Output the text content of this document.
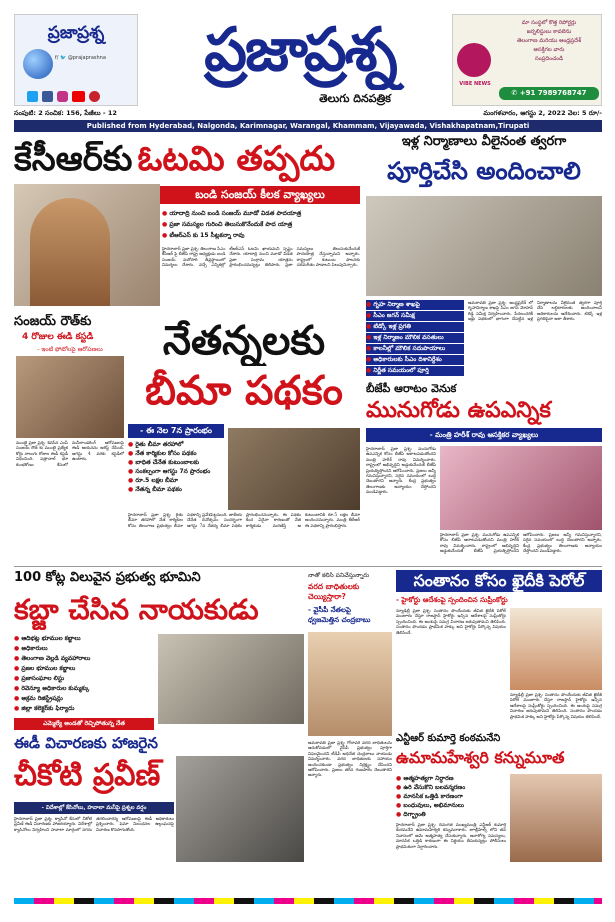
ప్రజాప్రశ్న
f/ 🐦 @prajaprashna	ప్రజాప్రశ్న
తెలుగు దినపత్రిక
VIBE NEWS
మా సంస్థలో కొత్త రిపోర్టర్లు
జర్నలిస్టులు కావలెను
తెలంగాణ మరియు ఆంధ్రప్రదేశ్
ఆసక్తిగల వారు
సంప్రదించండి
✆ +91 7989768747
సంపుటి: 2 సంచిక: 156, పేజీలు - 12	మంగళవారం, ఆగస్టు 2, 2022 వెల: 5 రూ/-
Published from Hyderabad, Nalgonda, Karimnagar, Warangal, Khammam, Vijayawada, Vishakhapatnam,Tirupati
కేసీఆర్‌కు ఓటమి తప్పదు
బండి సంజయ్ కీలక వ్యాఖ్యలు
● యాదాద్రి నుంచి బండి సంజయ్ మూడో విడత పాదయాత్ర
● ప్రజా సమస్యల గురించి తెలుసుకొనేందుకే పాద యాత్ర
● టీఆర్ఎస్ కు 15 సీట్లకన్నా రావు
హైదరాబాద్ ప్రజా ప్రశ్న: తెలంగాణ సీఎం కేసీఆర్ పై బీజేపీ రాష్ట్ర అధ్యక్షుడు బండి సంజయ్ మరోసారి తీవ్రస్థాయిలో విమర్శలు చేశారు. వచ్చే ఎన్నికల్లో టీఆర్ఎస్ ఓటమి ఖాయమని స్పష్టం చేశారు. యాదాద్రి నుంచి మూడో విడత ప్రజా సంగ్రామ యాత్రను ప్రారంభించనున్నట్లు తెలిపారు. ప్రజా సమస్యలు తెలుసుకునేందుకే పాదయాత్ర చేస్తున్నామని అన్నారు. రాష్ట్రంలో కుటుంబ పాలనకు చరమగీతం పాడాలని పిలుపునిచ్చారు.
సంజయ్ రౌత్‌కు
4 రోజుల ఈడీ కస్టడీ
- ఇంటి ఫోటోలపై ఆరోపణలు
ముంబై ప్రజా ప్రశ్న: శివసేన ఎంపీ సంజయ్ రౌత్ కు ముంబై ప్రత్యేక కోర్టు నాలుగు రోజుల ఈడీ కస్టడీ విధించింది. పత్రాచాల్ భూ కుంభకోణం కేసులో మనీలాండరింగ్ ఆరోపణలపై ఈడీ ఆయనను అరెస్ట్ చేసింది. ఆగస్టు 4 వరకు కస్టడీలో ఉంటారు.
నేతన్నలకు
బీమా పథకం
- ఈ నెల 7న ప్రారంభం
● రైతు బీమా తరహాలో
● నేత కార్మికుల కోసం పథకం
● బాధిత చేనేత కుటుంబాలకు
● సంకల్పంగా ఆగస్టు 7న ప్రారంభం
● రూ.5 లక్షల బీమా
● నేతన్న బీమా పథకం
హైదరాబాద్ ప్రజా ప్రశ్న: రైతు బీమా తరహాలో నేత కార్మికుల కోసం తెలంగాణ ప్రభుత్వం బీమా పథకాన్ని ప్రవేశపెట్టనుంది. జాతీయ చేనేత దినోత్సవం సందర్భంగా ఆగస్టు 7న నేతన్న బీమా పథకం ప్రారంభించనున్నారు. ఈ పథకం కింద ఏదైనా కారణంతో నేత కార్మికుడు మరణిస్తే ఆ కుటుంబానికి రూ.5 లక్షల బీమా అందించనున్నారు. మంత్రి కేటీఆర్ ఈ పథకాన్ని ప్రారంభిస్తారు.
ఇళ్ల నిర్మాణాలు వీలైనంత త్వరగా
పూర్తిచేసి అందించాలి
● గృహ నిర్మాణ శాఖపై
● సీఎం జగన్ సమీక్ష
● టిడ్కో ఇళ్ల ప్రగతి
● ఇళ్ల నిర్మాణం మౌలిక వసతులు
● కాలనీల్లో మౌలిక సదుపాయాలు
● అధికారులకు సీఎం దిశానిర్దేశం
● నిర్ణీత సమయంలో పూర్తి
అమరావతి ప్రజా ప్రశ్న: ఆంధ్రప్రదేశ్ లో గృహనిర్మాణ శాఖపై సీఎం జగన్ మోహన్ రెడ్డి సమీక్ష నిర్వహించారు. పేదలందరికీ ఇళ్లు పథకంలో భాగంగా చేపట్టిన ఇళ్ల నిర్మాణాలను వీలైనంత త్వరగా పూర్తి చేసి లబ్ధిదారులకు అందించాలని అధికారులను ఆదేశించారు. టిడ్కో ఇళ్ల ప్రగతిపైనా ఆరా తీశారు.
బీజేపీ ఆరాటం వెనుక
మునుగోడు ఉపఎన్నిక
- మంత్రి హరీశ్ రావు ఆసక్తికర వ్యాఖ్యలు
హైదరాబాద్ ప్రజా ప్రశ్న: మునుగోడు ఉపఎన్నిక కోసం బీజేపీ ఆరాటపడుతోందని మంత్రి హరీశ్ రావు విమర్శించారు. రాష్ట్రంలో అభివృద్ధిని అడ్డుకునేందుకే బీజేపీ ప్రయత్నిస్తోందని ఆరోపించారు. ప్రజలు అన్నీ గమనిస్తున్నారని, సరైన సమయంలో బుద్ధి చెబుతారని అన్నారు. కేంద్ర ప్రభుత్వం తెలంగాణకు అన్యాయం చేస్తోందని మండిపడ్డారు.
హైదరాబాద్ ప్రజా ప్రశ్న: మునుగోడు ఉపఎన్నిక కోసం బీజేపీ ఆరాటపడుతోందని మంత్రి హరీశ్ రావు విమర్శించారు. రాష్ట్రంలో అభివృద్ధిని అడ్డుకునేందుకే బీజేపీ ప్రయత్నిస్తోందని ఆరోపించారు. ప్రజలు అన్నీ గమనిస్తున్నారని, సరైన సమయంలో బుద్ధి చెబుతారని అన్నారు. కేంద్ర ప్రభుత్వం తెలంగాణకు అన్యాయం చేస్తోందని మండిపడ్డారు.
100 కోట్ల విలువైన ప్రభుత్వ భూమిని
కబ్జా చేసిన నాయకుడు
● ఆదిభట్ల భూముల కబ్జాలు
● అధికారులు
● తెలంగాణ వెల్లడి వ్యవహారాలు
● ప్రజల భూముల కబ్జాలు
● ప్రజాసంఘాల లిస్టు
● రెవెన్యూ అధికారుల కుమ్మక్కు
● అక్రమ రిజిస్ట్రేషన్లు
● జిల్లా కలెక్టర్‌కు ఫిర్యాదు
ఎమ్మెల్యే అండతో రెచ్చిపోతున్న నేత
ఈడీ విచారణకు హాజరైన
చీకోటి ప్రవీణ్
- విదేశాల్లో కేసినోలు, హవాలా మనీపై ప్రశ్నల వర్షం
హైదరాబాద్ ప్రజా ప్రశ్న: క్యాసినో కేసులో చీకోటి ప్రవీణ్ ఈడీ విచారణకు హాజరయ్యారు. విదేశాల్లో క్యాసినోలు నిర్వహించి హవాలా మార్గంలో నగదు తరలించారన్న ఆరోపణలపై ఈడీ అధికారులు ప్రశ్నించారు. ఫెమా నిబంధనల ఉల్లంఘనపై విచారణ కొనసాగుతోంది.
నాతో కలిసి పనిచేస్తున్నారు
వరద బాధితులకు చెయ్యిస్తారా?
- వైసీపీ నేతలపై
ధ్వజమెత్తిన చంద్రబాబు
అమరావతి ప్రజా ప్రశ్న: గోదావరి వరద బాధితులను ఆదుకోవడంలో వైసీపీ ప్రభుత్వం పూర్తిగా విఫలమైందని టీడీపీ అధినేత చంద్రబాబు నాయుడు విమర్శించారు. వరద బాధితులకు సహాయం అందించకుండా ప్రభుత్వం నిర్లక్ష్యం చేసిందని ఆరోపించారు. ప్రజలు తగిన గుణపాఠం చెబుతారని అన్నారు.
సంతానం కోసం ఖైదీకి పెరోల్
- హైకోర్టు ఆదేశంపై స్పందించిన సుప్రీంకోర్టు
న్యూఢిల్లీ ప్రజా ప్రశ్న: సంతానం పొందేందుకు జీవిత ఖైదీకి పెరోల్ మంజూరు చేస్తూ రాజస్థాన్ హైకోర్టు ఇచ్చిన ఆదేశాలపై సుప్రీంకోర్టు స్పందించింది. ఈ అంశంపై సమగ్ర విచారణ జరుపుతామని తెలిపింది. సంతానం పొందడం ప్రాథమిక హక్కు అని హైకోర్టు పేర్కొన్న విషయం తెలిసిందే.
న్యూఢిల్లీ ప్రజా ప్రశ్న: సంతానం పొందేందుకు జీవిత ఖైదీకి పెరోల్ మంజూరు చేస్తూ రాజస్థాన్ హైకోర్టు ఇచ్చిన ఆదేశాలపై సుప్రీంకోర్టు స్పందించింది. ఈ అంశంపై సమగ్ర విచారణ జరుపుతామని తెలిపింది. సంతానం పొందడం ప్రాథమిక హక్కు అని హైకోర్టు పేర్కొన్న విషయం తెలిసిందే.
ఎన్టీఆర్ కుమార్తె కంఠమనేని
ఉమామహేశ్వరి కన్నుమూత
● ఆత్మహత్యగా నిర్ధారణ
● ఉరి వేసుకొని బలవన్మరణం
● మానసిక ఒత్తిడి కారణంగా
● బంధువులు, అభిమానులు
● దిగ్భ్రాంతి
హైదరాబాద్ ప్రజా ప్రశ్న: దివంగత ముఖ్యమంత్రి ఎన్టీఆర్ కుమార్తె కంఠమనేని ఉమామహేశ్వరి కన్నుమూశారు. జూబ్లీహిల్స్ లోని తన నివాసంలో ఆమె ఆత్మహత్య చేసుకున్నారు. అనారోగ్య సమస్యలు, మానసిక ఒత్తిడి కారణంగా ఈ నిర్ణయం తీసుకున్నట్లు పోలీసులు ప్రాథమికంగా నిర్ధారించారు.
